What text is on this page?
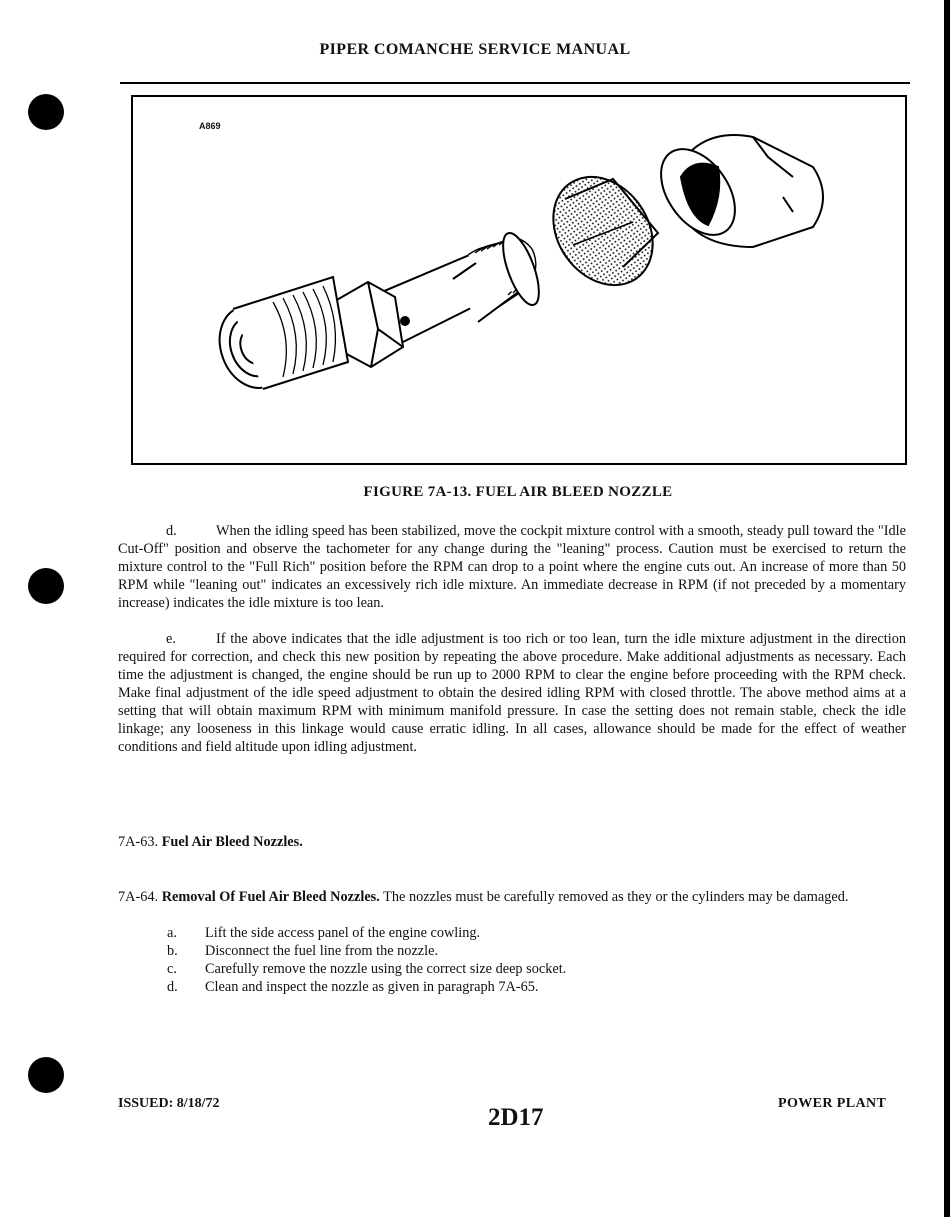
PIPER COMANCHE SERVICE MANUAL
A869
FIGURE 7A-13. FUEL AIR BLEED NOZZLE

d.	When the idling speed has been stabilized, move the cockpit mixture control with a smooth, steady pull toward the "Idle Cut-Off" position and observe the tachometer for any change during the "leaning" process. Caution must be exercised to return the mixture control to the "Full Rich" position before the RPM can drop to a point where the engine cuts out. An increase of more than 50 RPM while "leaning out" indicates an excessively rich idle mixture. An immediate decrease in RPM (if not preceded by a momentary increase) indicates the idle mixture is too lean.

e.	If the above indicates that the idle adjustment is too rich or too lean, turn the idle mixture adjustment in the direction required for correction, and check this new position by repeating the above procedure. Make additional adjustments as necessary. Each time the adjustment is changed, the engine should be run up to 2000 RPM to clear the engine before proceeding with the RPM check. Make final adjustment of the idle speed adjustment to obtain the desired idling RPM with closed throttle. The above method aims at a setting that will obtain maximum RPM with minimum manifold pressure. In case the setting does not remain stable, check the idle linkage; any looseness in this linkage would cause erratic idling. In all cases, allowance should be made for the effect of weather conditions and field altitude upon idling adjustment.

7A-63. Fuel Air Bleed Nozzles.

7A-64. Removal Of Fuel Air Bleed Nozzles. The nozzles must be carefully removed as they or the cylinders may be damaged.

a. Lift the side access panel of the engine cowling.
b. Disconnect the fuel line from the nozzle.
c. Carefully remove the nozzle using the correct size deep socket.
d. Clean and inspect the nozzle as given in paragraph 7A-65.
ISSUED: 8/18/72
2D17
POWER PLANT
